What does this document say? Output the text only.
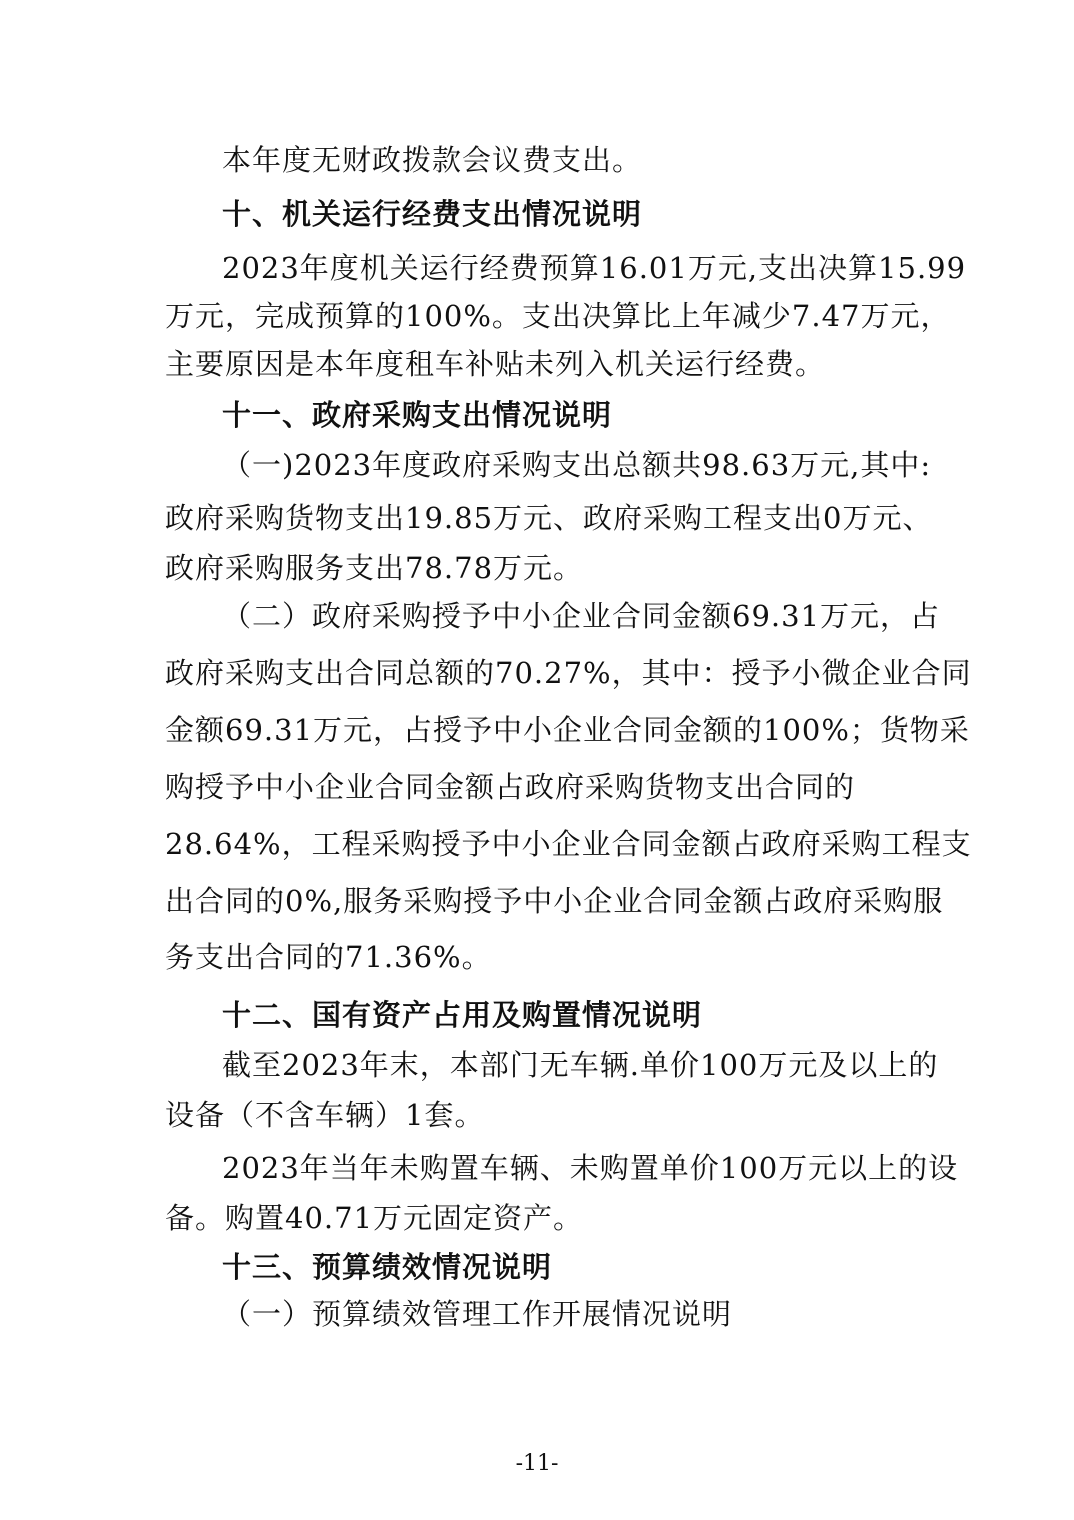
本年度无财政拨款会议费支出。
十、机关运行经费支出情况说明
2023年度机关运行经费预算16.01万元,支出决算15.99
万元，完成预算的100%。支出决算比上年减少7.47万元，
主要原因是本年度租车补贴未列入机关运行经费。
十一、政府采购支出情况说明
（一)2023年度政府采购支出总额共98.63万元,其中:
政府采购货物支出19.85万元、政府采购工程支出0万元、
政府采购服务支出78.78万元。
（二）政府采购授予中小企业合同金额69.31万元，占
政府采购支出合同总额的70.27%，其中：授予小微企业合同
金额69.31万元，占授予中小企业合同金额的100%；货物采
购授予中小企业合同金额占政府采购货物支出合同的
28.64%，工程采购授予中小企业合同金额占政府采购工程支
出合同的0%,服务采购授予中小企业合同金额占政府采购服
务支出合同的71.36%。
十二、国有资产占用及购置情况说明
截至2023年末，本部门无车辆.单价100万元及以上的
设备（不含车辆）1套。
2023年当年未购置车辆、未购置单价100万元以上的设
备。购置40.71万元固定资产。
十三、预算绩效情况说明
（一）预算绩效管理工作开展情况说明
-11-
